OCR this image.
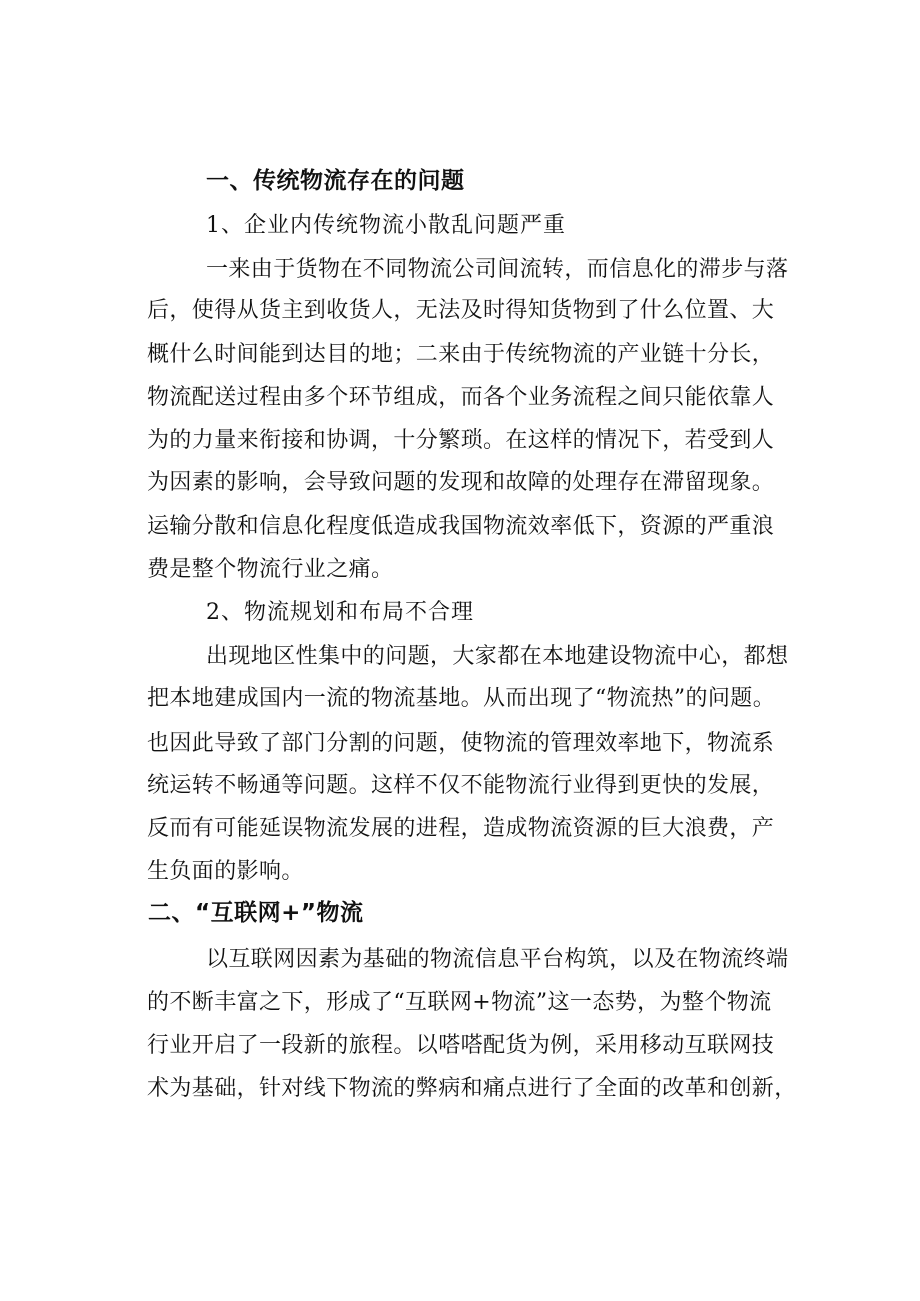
一、传统物流存在的问题
1、企业内传统物流小散乱问题严重
一来由于货物在不同物流公司间流转，而信息化的滞步与落
后，使得从货主到收货人，无法及时得知货物到了什么位置、大
概什么时间能到达目的地；二来由于传统物流的产业链十分长，
物流配送过程由多个环节组成，而各个业务流程之间只能依靠人
为的力量来衔接和协调，十分繁琐。在这样的情况下，若受到人
为因素的影响，会导致问题的发现和故障的处理存在滞留现象。
运输分散和信息化程度低造成我国物流效率低下，资源的严重浪
费是整个物流行业之痛。
2、物流规划和布局不合理
出现地区性集中的问题，大家都在本地建设物流中心，都想
把本地建成国内一流的物流基地。从而出现了“物流热”的问题。
也因此导致了部门分割的问题，使物流的管理效率地下，物流系
统运转不畅通等问题。这样不仅不能物流行业得到更快的发展，
反而有可能延误物流发展的进程，造成物流资源的巨大浪费，产
生负面的影响。
二、“互联网+”物流
以互联网因素为基础的物流信息平台构筑，以及在物流终端
的不断丰富之下，形成了“互联网+物流”这一态势，为整个物流
行业开启了一段新的旅程。以嗒嗒配货为例，采用移动互联网技
术为基础，针对线下物流的弊病和痛点进行了全面的改革和创新，
